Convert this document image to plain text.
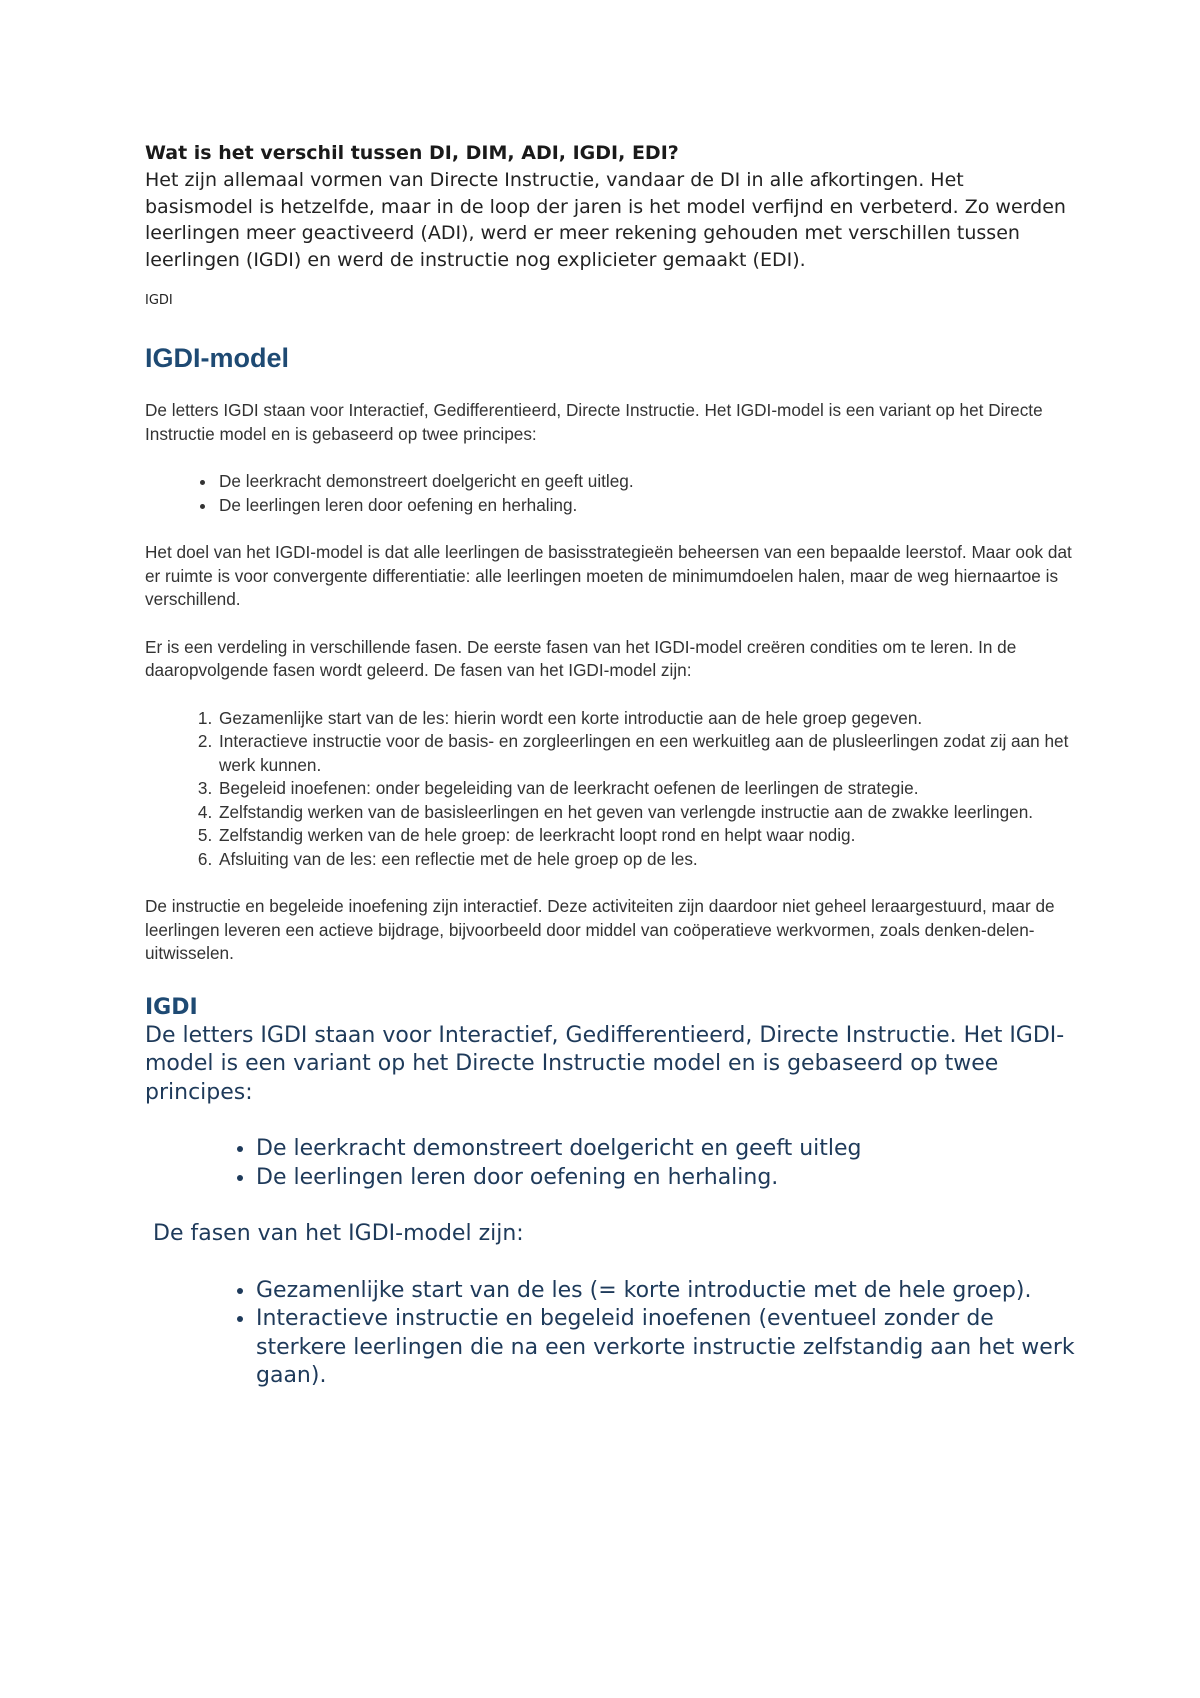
Wat is het verschil tussen DI, DIM, ADI, IGDI, EDI?

Het zijn allemaal vormen van Directe Instructie, vandaar de DI in alle afkortingen. Het basismodel is hetzelfde, maar in de loop der jaren is het model verfijnd en verbeterd. Zo werden leerlingen meer geactiveerd (ADI), werd er meer rekening gehouden met verschillen tussen leerlingen (IGDI) en werd de instructie nog explicieter gemaakt (EDI).

IGDI

IGDI-model

De letters IGDI staan voor Interactief, Gedifferentieerd, Directe Instructie. Het IGDI-model is een variant op het Directe Instructie model en is gebaseerd op twee principes:

• De leerkracht demonstreert doelgericht en geeft uitleg.
• De leerlingen leren door oefening en herhaling.

Het doel van het IGDI-model is dat alle leerlingen de basisstrategieën beheersen van een bepaalde leerstof. Maar ook dat er ruimte is voor convergente differentiatie: alle leerlingen moeten de minimumdoelen halen, maar de weg hiernaartoe is verschillend.

Er is een verdeling in verschillende fasen. De eerste fasen van het IGDI-model creëren condities om te leren. In de daaropvolgende fasen wordt geleerd. De fasen van het IGDI-model zijn:

1. Gezamenlijke start van de les: hierin wordt een korte introductie aan de hele groep gegeven.
2. Interactieve instructie voor de basis- en zorgleerlingen en een werkuitleg aan de plusleerlingen zodat zij aan het werk kunnen.
3. Begeleid inoefenen: onder begeleiding van de leerkracht oefenen de leerlingen de strategie.
4. Zelfstandig werken van de basisleerlingen en het geven van verlengde instructie aan de zwakke leerlingen.
5. Zelfstandig werken van de hele groep: de leerkracht loopt rond en helpt waar nodig.
6. Afsluiting van de les: een reflectie met de hele groep op de les.

De instructie en begeleide inoefening zijn interactief. Deze activiteiten zijn daardoor niet geheel leraargestuurd, maar de leerlingen leveren een actieve bijdrage, bijvoorbeeld door middel van coöperatieve werkvormen, zoals denken-delen-uitwisselen.

IGDI

De letters IGDI staan voor Interactief, Gedifferentieerd, Directe Instructie. Het IGDI-model is een variant op het Directe Instructie model en is gebaseerd op twee principes:

• De leerkracht demonstreert doelgericht en geeft uitleg
• De leerlingen leren door oefening en herhaling.

De fasen van het IGDI-model zijn:

• Gezamenlijke start van de les (= korte introductie met de hele groep).
• Interactieve instructie en begeleid inoefenen (eventueel zonder de sterkere leerlingen die na een verkorte instructie zelfstandig aan het werk gaan).
